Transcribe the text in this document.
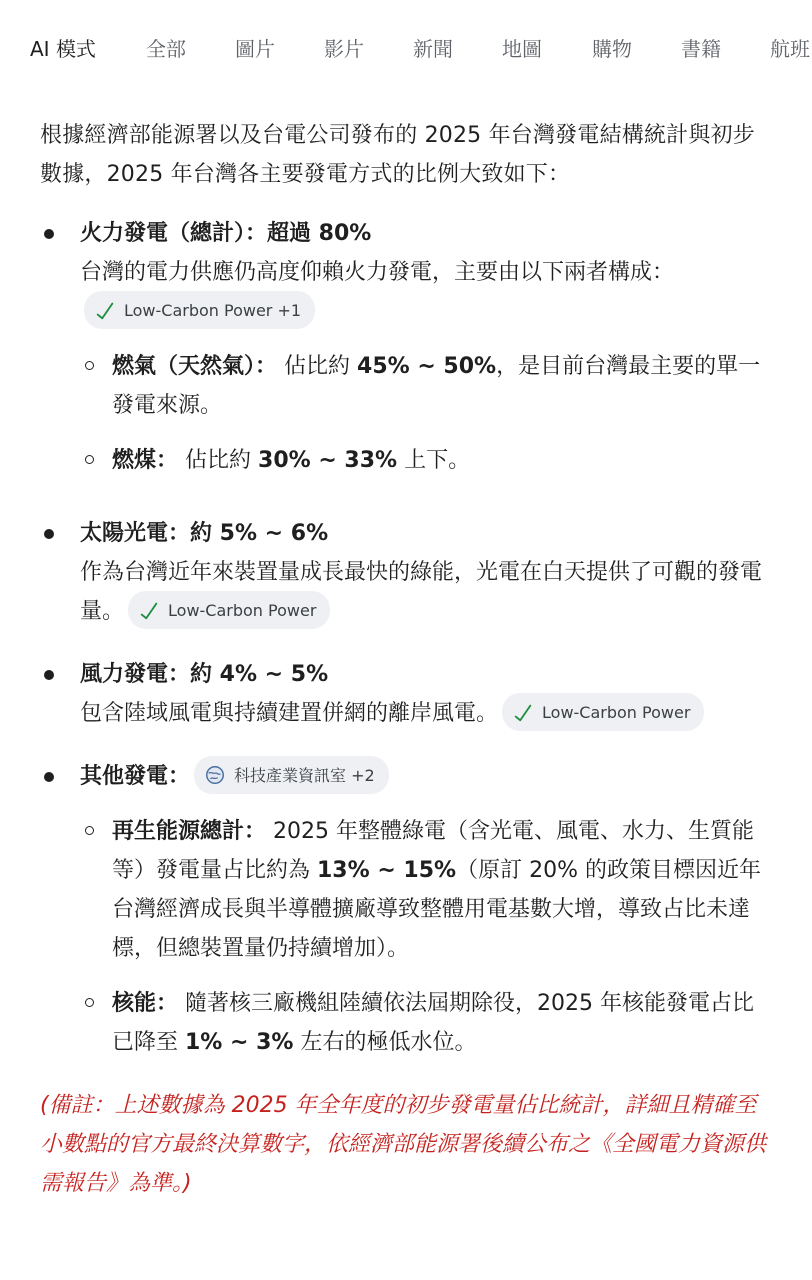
AI 模式	全部 圖片 影片 新聞 地圖	購物 書籍 航班

根據經濟部能源署以及台電公司發布的 2025 年台灣發電結構統計與初步數據，2025 年台灣各主要發電方式的比例大致如下：

火力發電（總計）：超過 80%
台灣的電力供應仍高度仰賴火力發電，主要由以下兩者構成：
Low-Carbon Power +1
燃氣（天然氣）： 佔比約 45% ~ 50%，是目前台灣最主要的單一發電來源。
燃煤： 佔比約 30% ~ 33% 上下。
太陽光電：約 5% ~ 6%
作為台灣近年來裝置量成長最快的綠能，光電在白天提供了可觀的發電量。	Low-Carbon Power
風力發電：約 4% ~ 5%
包含陸域風電與持續建置併網的離岸風電。	Low-Carbon Power
其他發電：	科技產業資訊室 +2
再生能源總計： 2025 年整體綠電（含光電、風電、水力、生質能等）發電量占比約為 13% ~ 15%（原訂 20% 的政策目標因近年台灣經濟成長與半導體擴廠導致整體用電基數大增，導致占比未達標，但總裝置量仍持續增加）。
核能： 隨著核三廠機組陸續依法屆期除役，2025 年核能發電占比已降至 1% ~ 3% 左右的極低水位。

(備註：上述數據為 2025 年全年度的初步發電量佔比統計，詳細且精確至小數點的官方最終決算數字，依經濟部能源署後續公布之《全國電力資源供需報告》為準。)
